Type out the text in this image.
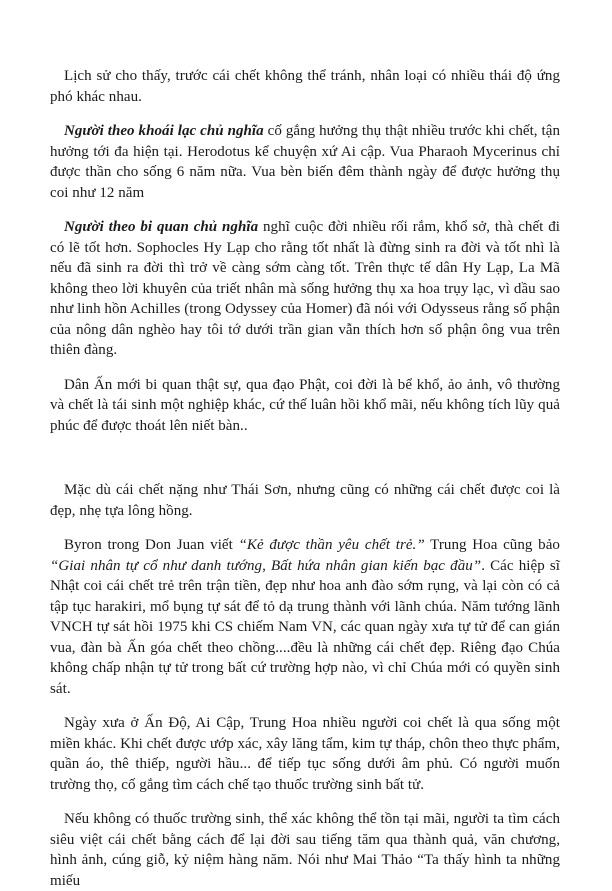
Lịch sử cho thấy, trước cái chết không thể tránh, nhân loại có nhiều thái độ ứng phó khác nhau.

Người theo khoái lạc chủ nghĩa cố gắng hưởng thụ thật nhiều trước khi chết, tận hưởng tới đa hiện tại. Herodotus kể chuyện xứ Ai cập. Vua Pharaoh Mycerinus chỉ được thần cho sống 6 năm nữa. Vua bèn biến đêm thành ngày để được hưởng thụ coi như 12 năm

Người theo bi quan chủ nghĩa nghĩ cuộc đời nhiều rối rắm, khổ sở, thà chết đi có lẽ tốt hơn. Sophocles Hy Lạp cho rằng tốt nhất là đừng sinh ra đời và tốt nhì là nếu đã sinh ra đời thì trở về càng sớm càng tốt. Trên thực tế dân Hy Lạp, La Mã không theo lời khuyên của triết nhân mà sống hưởng thụ xa hoa trụy lạc, vì dầu sao như linh hồn Achilles (trong Odyssey của Homer) đã nói với Odysseus rằng số phận của nông dân nghèo hay tôi tớ dưới trần gian vẫn thích hơn số phận ông vua trên thiên đàng.

Dân Ấn mới bi quan thật sự, qua đạo Phật, coi đời là bể khổ, ảo ảnh, vô thường và chết là tái sinh một nghiệp khác, cứ thế luân hồi khổ mãi, nếu không tích lũy quả phúc để được thoát lên niết bàn..

Mặc dù cái chết nặng như Thái Sơn, nhưng cũng có những cái chết được coi là đẹp, nhẹ tựa lông hồng.

Byron trong Don Juan viết “Kẻ được thần yêu chết trẻ.” Trung Hoa cũng bảo “Giai nhân tự cổ như danh tướng, Bất hứa nhân gian kiến bạc đầu”. Các hiệp sĩ Nhật coi cái chết trẻ trên trận tiền, đẹp như hoa anh đào sớm rụng, và lại còn có cả tập tục harakiri, mổ bụng tự sát để tỏ dạ trung thành với lãnh chúa. Năm tướng lãnh VNCH tự sát hồi 1975 khi CS chiếm Nam VN, các quan ngày xưa tự tử để can gián vua, đàn bà Ấn góa chết theo chồng....đều là những cái chết đẹp. Riêng đạo Chúa không chấp nhận tự tử trong bất cứ trường hợp nào, vì chỉ Chúa mới có quyền sinh sát.

Ngày xưa ở Ấn Độ, Ai Cập, Trung Hoa nhiều người coi chết là qua sống một miền khác. Khi chết được ướp xác, xây lăng tẩm, kim tự tháp, chôn theo thực phẩm, quần áo, thê thiếp, người hầu... để tiếp tục sống dưới âm phủ. Có người muốn trường thọ, cố gắng tìm cách chế tạo thuốc trường sinh bất tử.

Nếu không có thuốc trường sinh, thể xác không thể tồn tại mãi, người ta tìm cách siêu việt cái chết bằng cách để lại đời sau tiếng tăm qua thành quả, văn chương, hình ảnh, cúng giỗ, kỷ niệm hàng năm. Nói như Mai Thảo “Ta thấy hình ta những miếu
